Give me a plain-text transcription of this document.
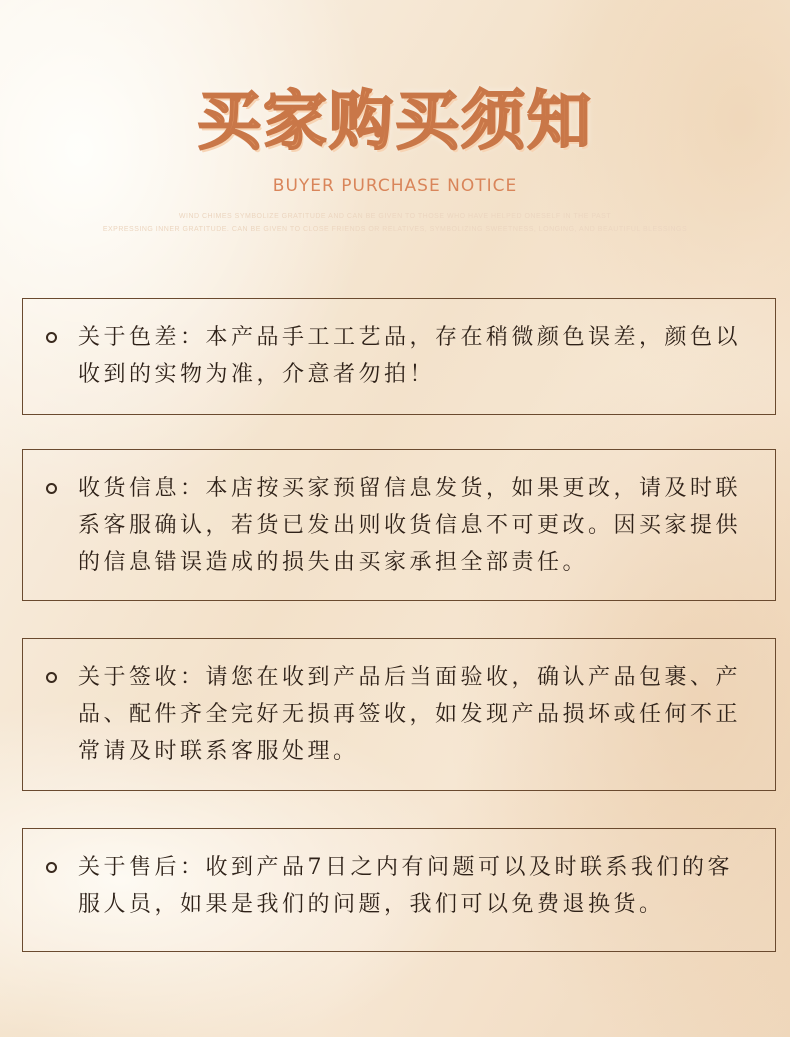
买家购买须知
BUYER PURCHASE NOTICE
WIND CHIMES SYMBOLIZE GRATITUDE AND CAN BE GIVEN TO THOSE WHO HAVE HELPED ONESELF IN THE PAST
EXPRESSING INNER GRATITUDE. CAN BE GIVEN TO CLOSE FRIENDS OR RELATIVES, SYMBOLIZING SWEETNESS, LONGING, AND BEAUTIFUL BLESSINGS
关于色差：本产品手工工艺品，存在稍微颜色误差，颜色以收到的实物为准，介意者勿拍！
收货信息：本店按买家预留信息发货，如果更改，请及时联系客服确认，若货已发出则收货信息不可更改。因买家提供的信息错误造成的损失由买家承担全部责任。
关于签收：请您在收到产品后当面验收，确认产品包裹、产品、配件齐全完好无损再签收，如发现产品损坏或任何不正常请及时联系客服处理。
关于售后：收到产品7日之内有问题可以及时联系我们的客服人员，如果是我们的问题，我们可以免费退换货。
